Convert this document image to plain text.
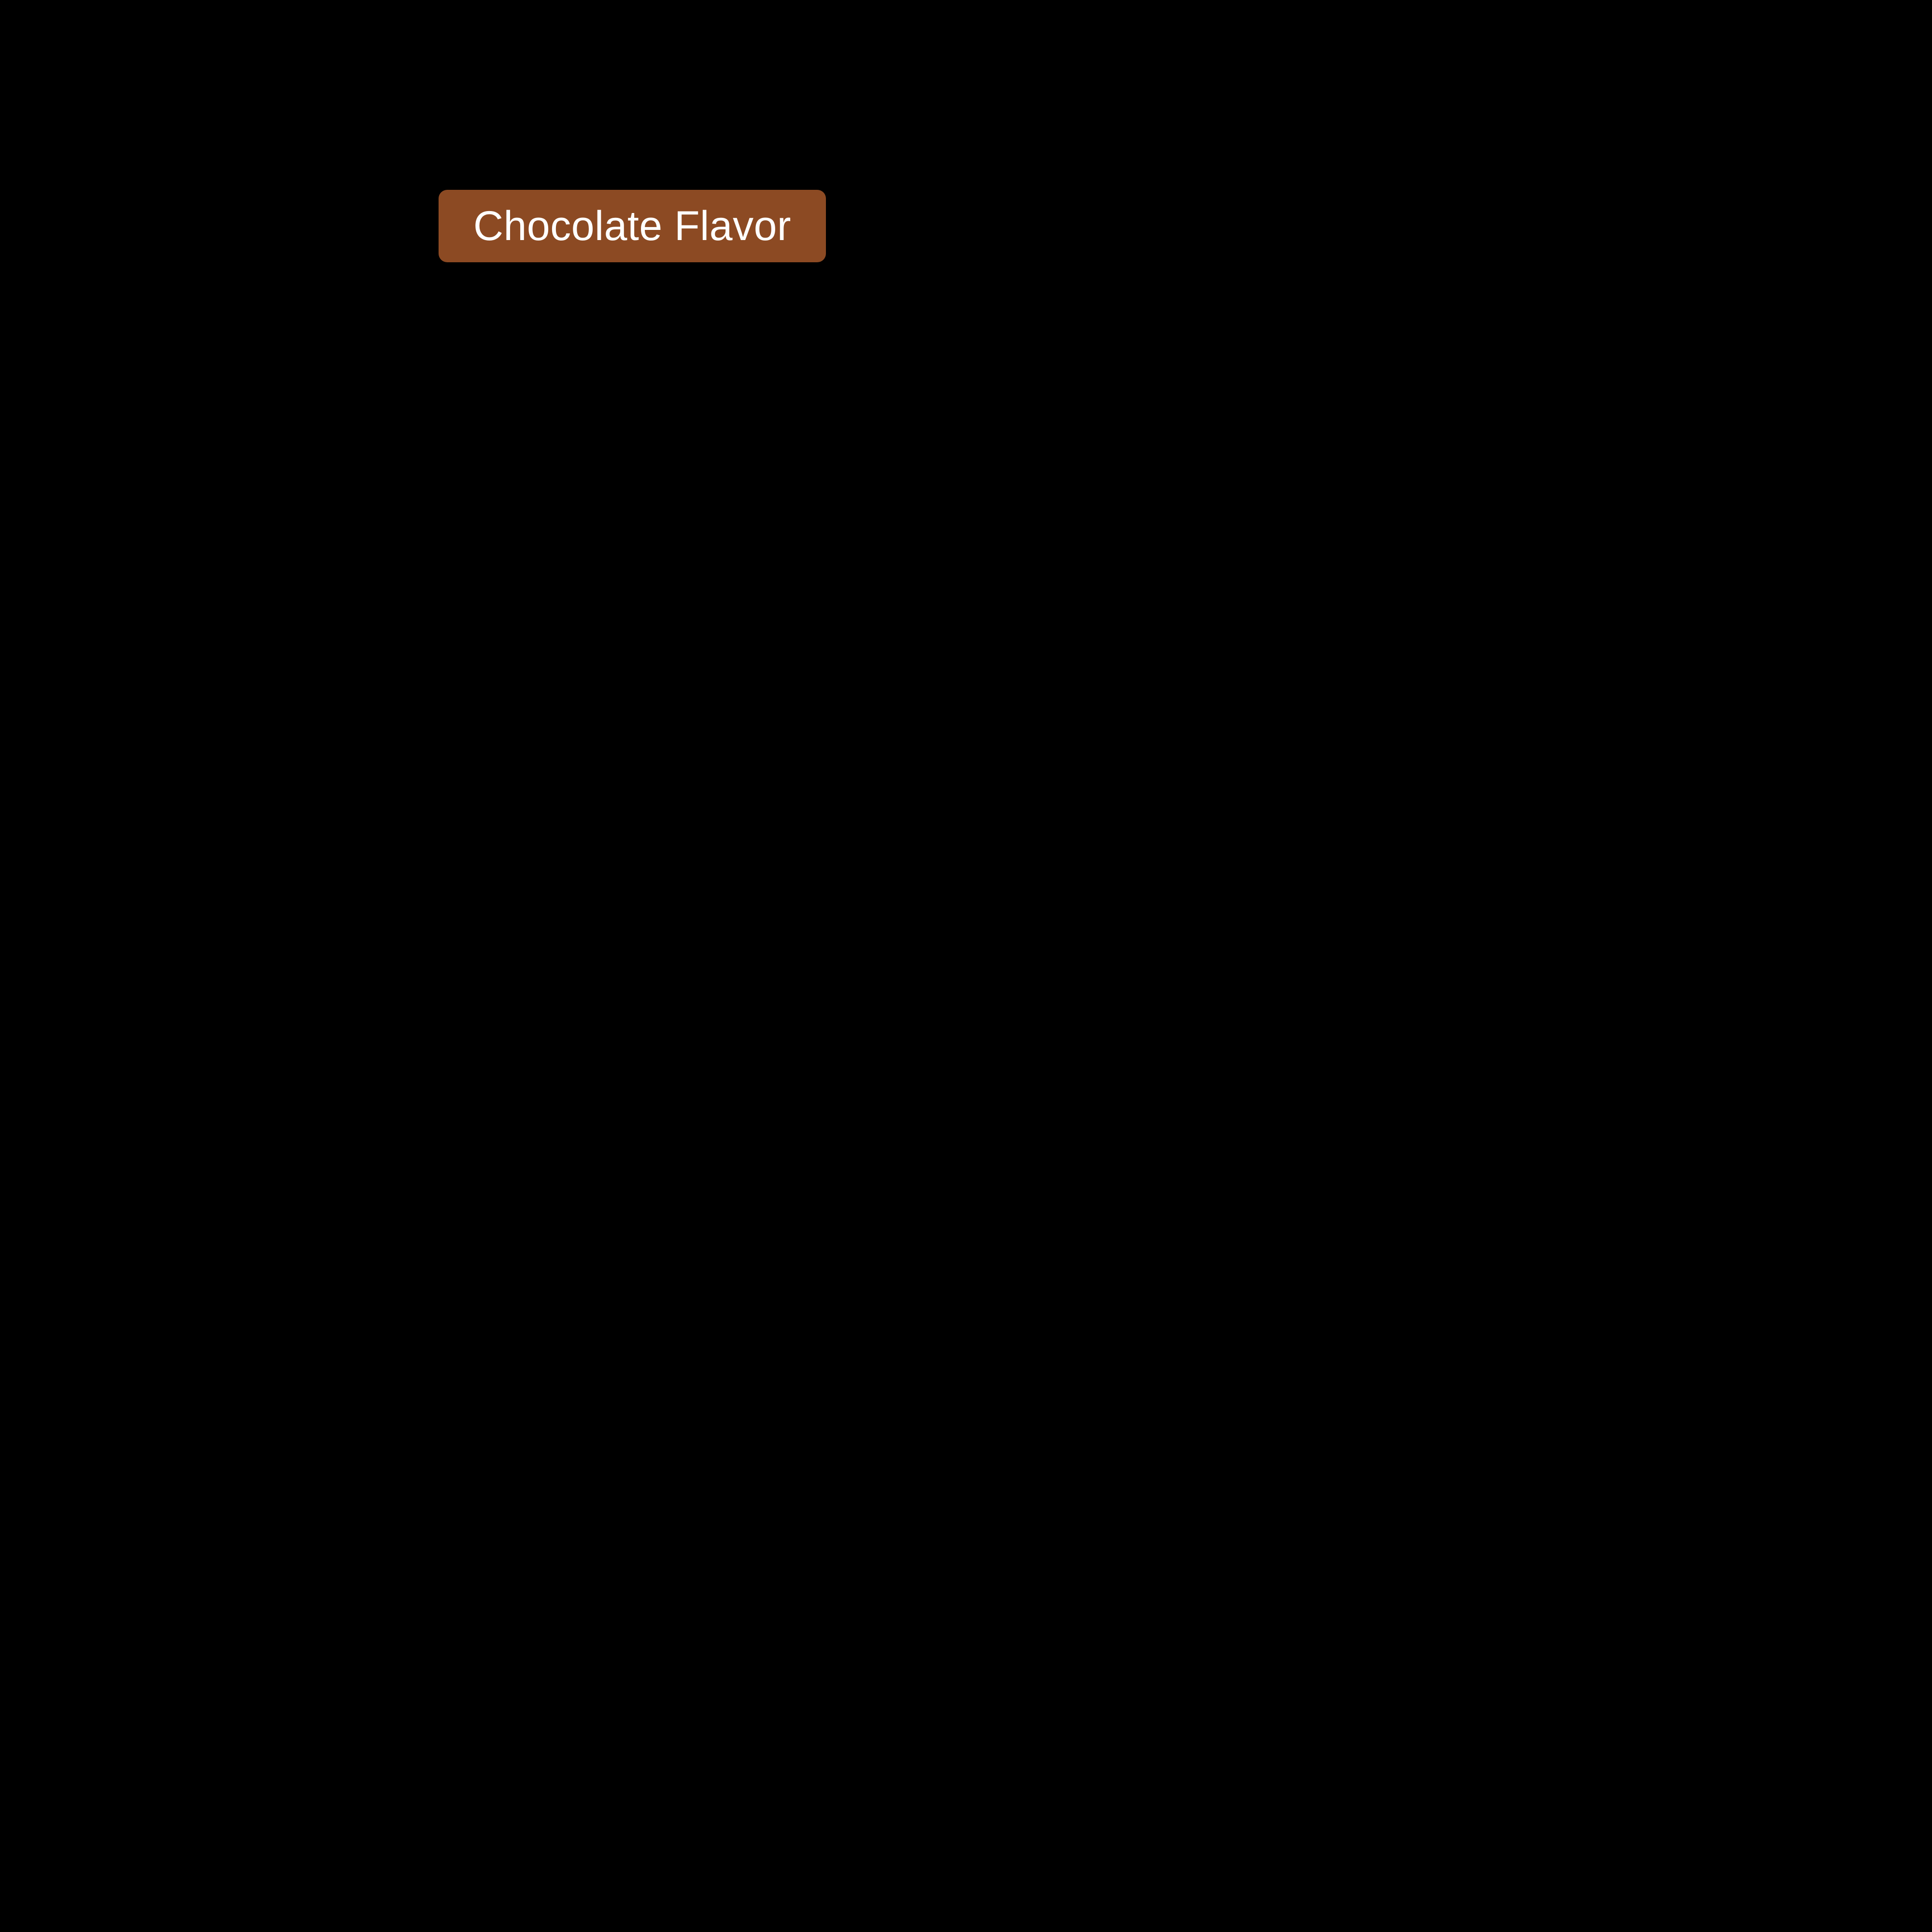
Chocolate Flavor
